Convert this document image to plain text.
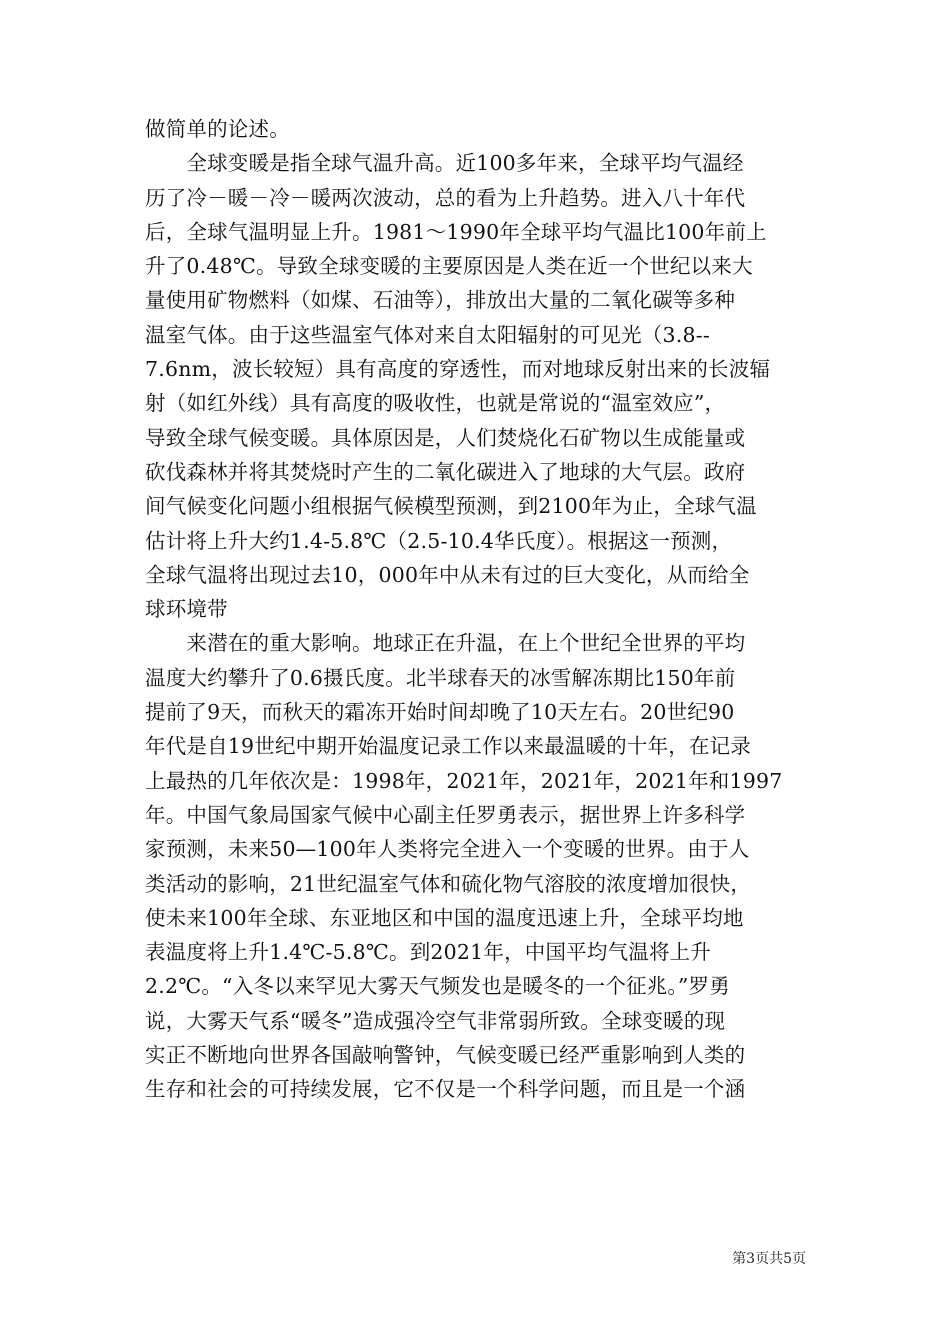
做简单的论述。
　　全球变暖是指全球气温升高。近100多年来，全球平均气温经
历了冷－暖－冷－暖两次波动，总的看为上升趋势。进入八十年代
后，全球气温明显上升。1981～1990年全球平均气温比100年前上
升了0.48℃。导致全球变暖的主要原因是人类在近一个世纪以来大
量使用矿物燃料（如煤、石油等），排放出大量的二氧化碳等多种
温室气体。由于这些温室气体对来自太阳辐射的可见光（3.8--
7.6nm，波长较短）具有高度的穿透性，而对地球反射出来的长波辐
射（如红外线）具有高度的吸收性，也就是常说的“温室效应”，
导致全球气候变暖。具体原因是，人们焚烧化石矿物以生成能量或
砍伐森林并将其焚烧时产生的二氧化碳进入了地球的大气层。政府
间气候变化问题小组根据气候模型预测，到2100年为止，全球气温
估计将上升大约1.4-5.8℃（2.5-10.4华氏度）。根据这一预测，
全球气温将出现过去10，000年中从未有过的巨大变化，从而给全
球环境带
　　来潜在的重大影响。地球正在升温，在上个世纪全世界的平均
温度大约攀升了0.6摄氏度。北半球春天的冰雪解冻期比150年前
提前了9天，而秋天的霜冻开始时间却晚了10天左右。20世纪90
年代是自19世纪中期开始温度记录工作以来最温暖的十年，在记录
上最热的几年依次是：1998年，2021年，2021年，2021年和1997
年。中国气象局国家气候中心副主任罗勇表示，据世界上许多科学
家预测，未来50—100年人类将完全进入一个变暖的世界。由于人
类活动的影响，21世纪温室气体和硫化物气溶胶的浓度增加很快，
使未来100年全球、东亚地区和中国的温度迅速上升，全球平均地
表温度将上升1.4℃-5.8℃。到2021年，中国平均气温将上升
2.2℃。“入冬以来罕见大雾天气频发也是暖冬的一个征兆。”罗勇
说，大雾天气系“暖冬”造成强冷空气非常弱所致。全球变暖的现
实正不断地向世界各国敲响警钟，气候变暖已经严重影响到人类的
生存和社会的可持续发展，它不仅是一个科学问题，而且是一个涵
第3页共5页
